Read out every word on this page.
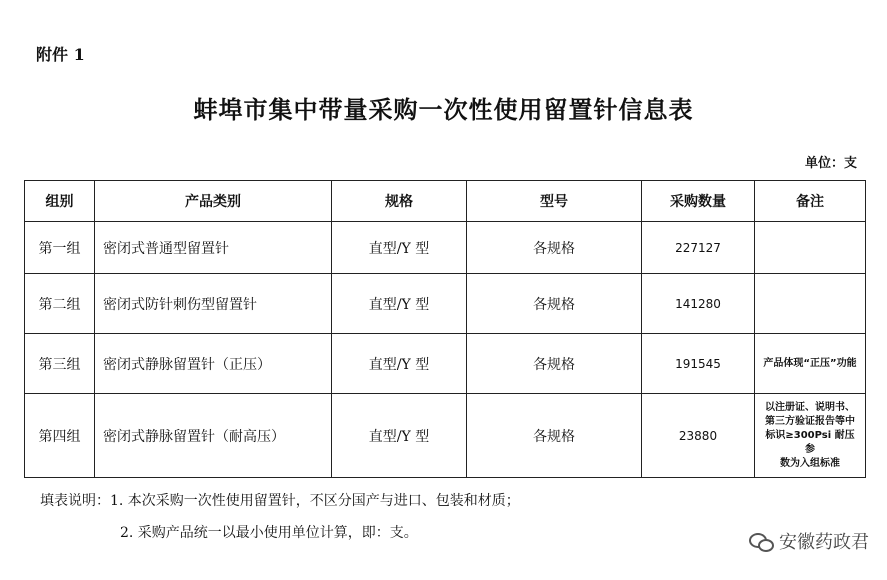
附件 1
蚌埠市集中带量采购一次性使用留置针信息表
单位：支
组别	产品类别	规格	型号	采购数量	备注
第一组	密闭式普通型留置针	直型/Y 型	各规格	227127	
第二组	密闭式防针刺伤型留置针	直型/Y 型	各规格	141280	
第三组	密闭式静脉留置针（正压）	直型/Y 型	各规格	191545	产品体现“正压”功能

第四组	密闭式静脉留置针（耐高压）	直型/Y 型	各规格	23880	以注册证、说明书、
第三方验证报告等中
标识≥300Psi 耐压参
数为入组标准
填表说明：1. 本次采购一次性使用留置针，不区分国产与进口、包装和材质；
2. 采购产品统一以最小使用单位计算，即：支。	安徽药政君
